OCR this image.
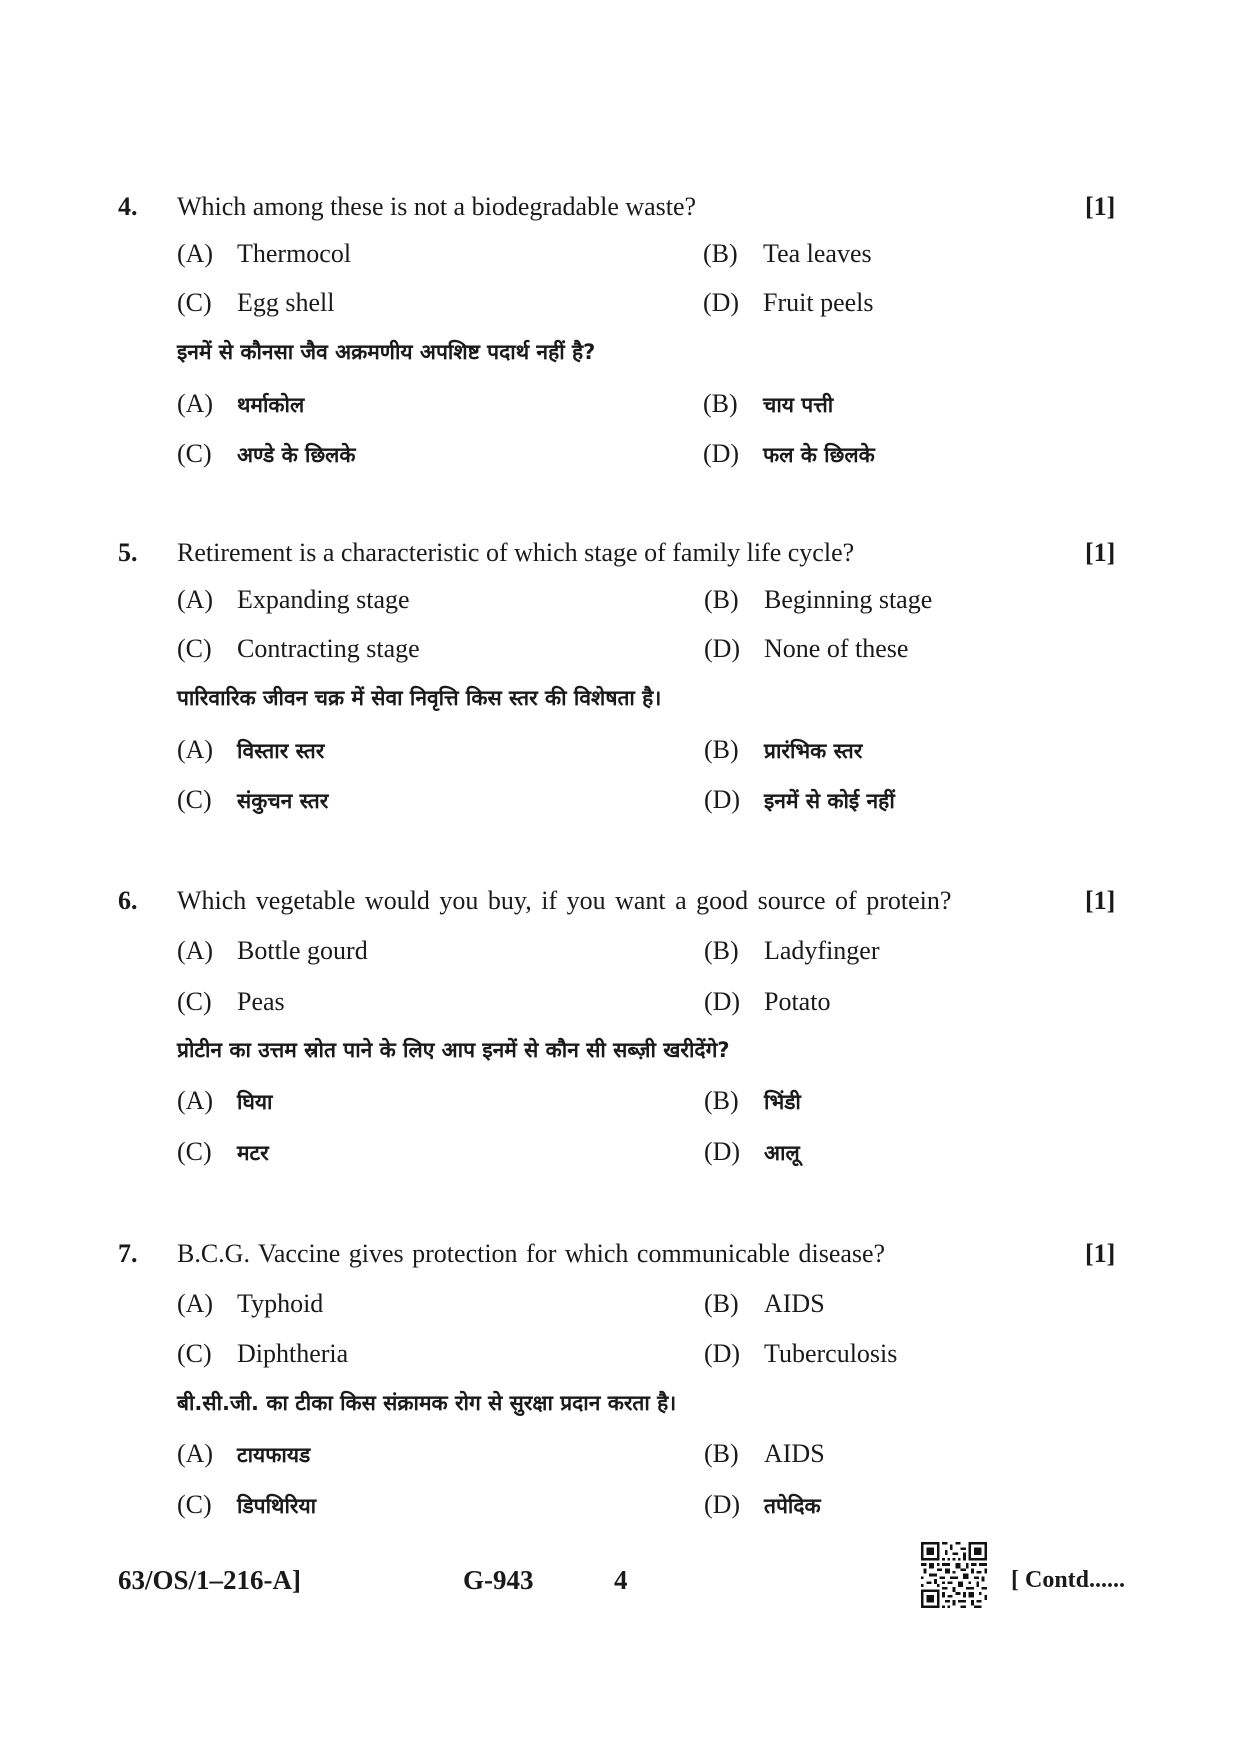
4. Which among these is not a biodegradable waste?	[1]
(A) Thermocol	(B) Tea leaves
(C) Egg shell	(D) Fruit peels
इनमें से कौनसा जैव अक्रमणीय अपशिष्ट पदार्थ नहीं है?
(A) थर्माकोल	(B) चाय पत्ती
(C) अण्डे के छिलके	(D) फल के छिलके
5. Retirement is a characteristic of which stage of family life cycle?	[1]
(A) Expanding stage	(B) Beginning stage
(C) Contracting stage	(D) None of these
पारिवारिक जीवन चक्र में सेवा निवृत्ति किस स्तर की विशेषता है।
(A) विस्तार स्तर	(B) प्रारंभिक स्तर
(C) संकुचन स्तर	(D) इनमें से कोई नहीं
6. Which vegetable would you buy, if you want a good source of protein?	[1]
(A) Bottle gourd	(B) Ladyfinger
(C) Peas	(D) Potato
प्रोटीन का उत्तम स्रोत पाने के लिए आप इनमें से कौन सी सब्ज़ी खरीदेंगे?
(A) घिया	(B) भिंडी
(C) मटर	(D) आलू
7. B.C.G. Vaccine gives protection for which communicable disease?	[1]
(A) Typhoid	(B) AIDS
(C) Diphtheria	(D) Tuberculosis
बी.सी.जी. का टीका किस संक्रामक रोग से सुरक्षा प्रदान करता है।
(A) टायफायड	(B) AIDS
(C) डिपथिरिया	(D) तपेदिक
63/OS/1–216-A]	G-943	4	[ Contd......
